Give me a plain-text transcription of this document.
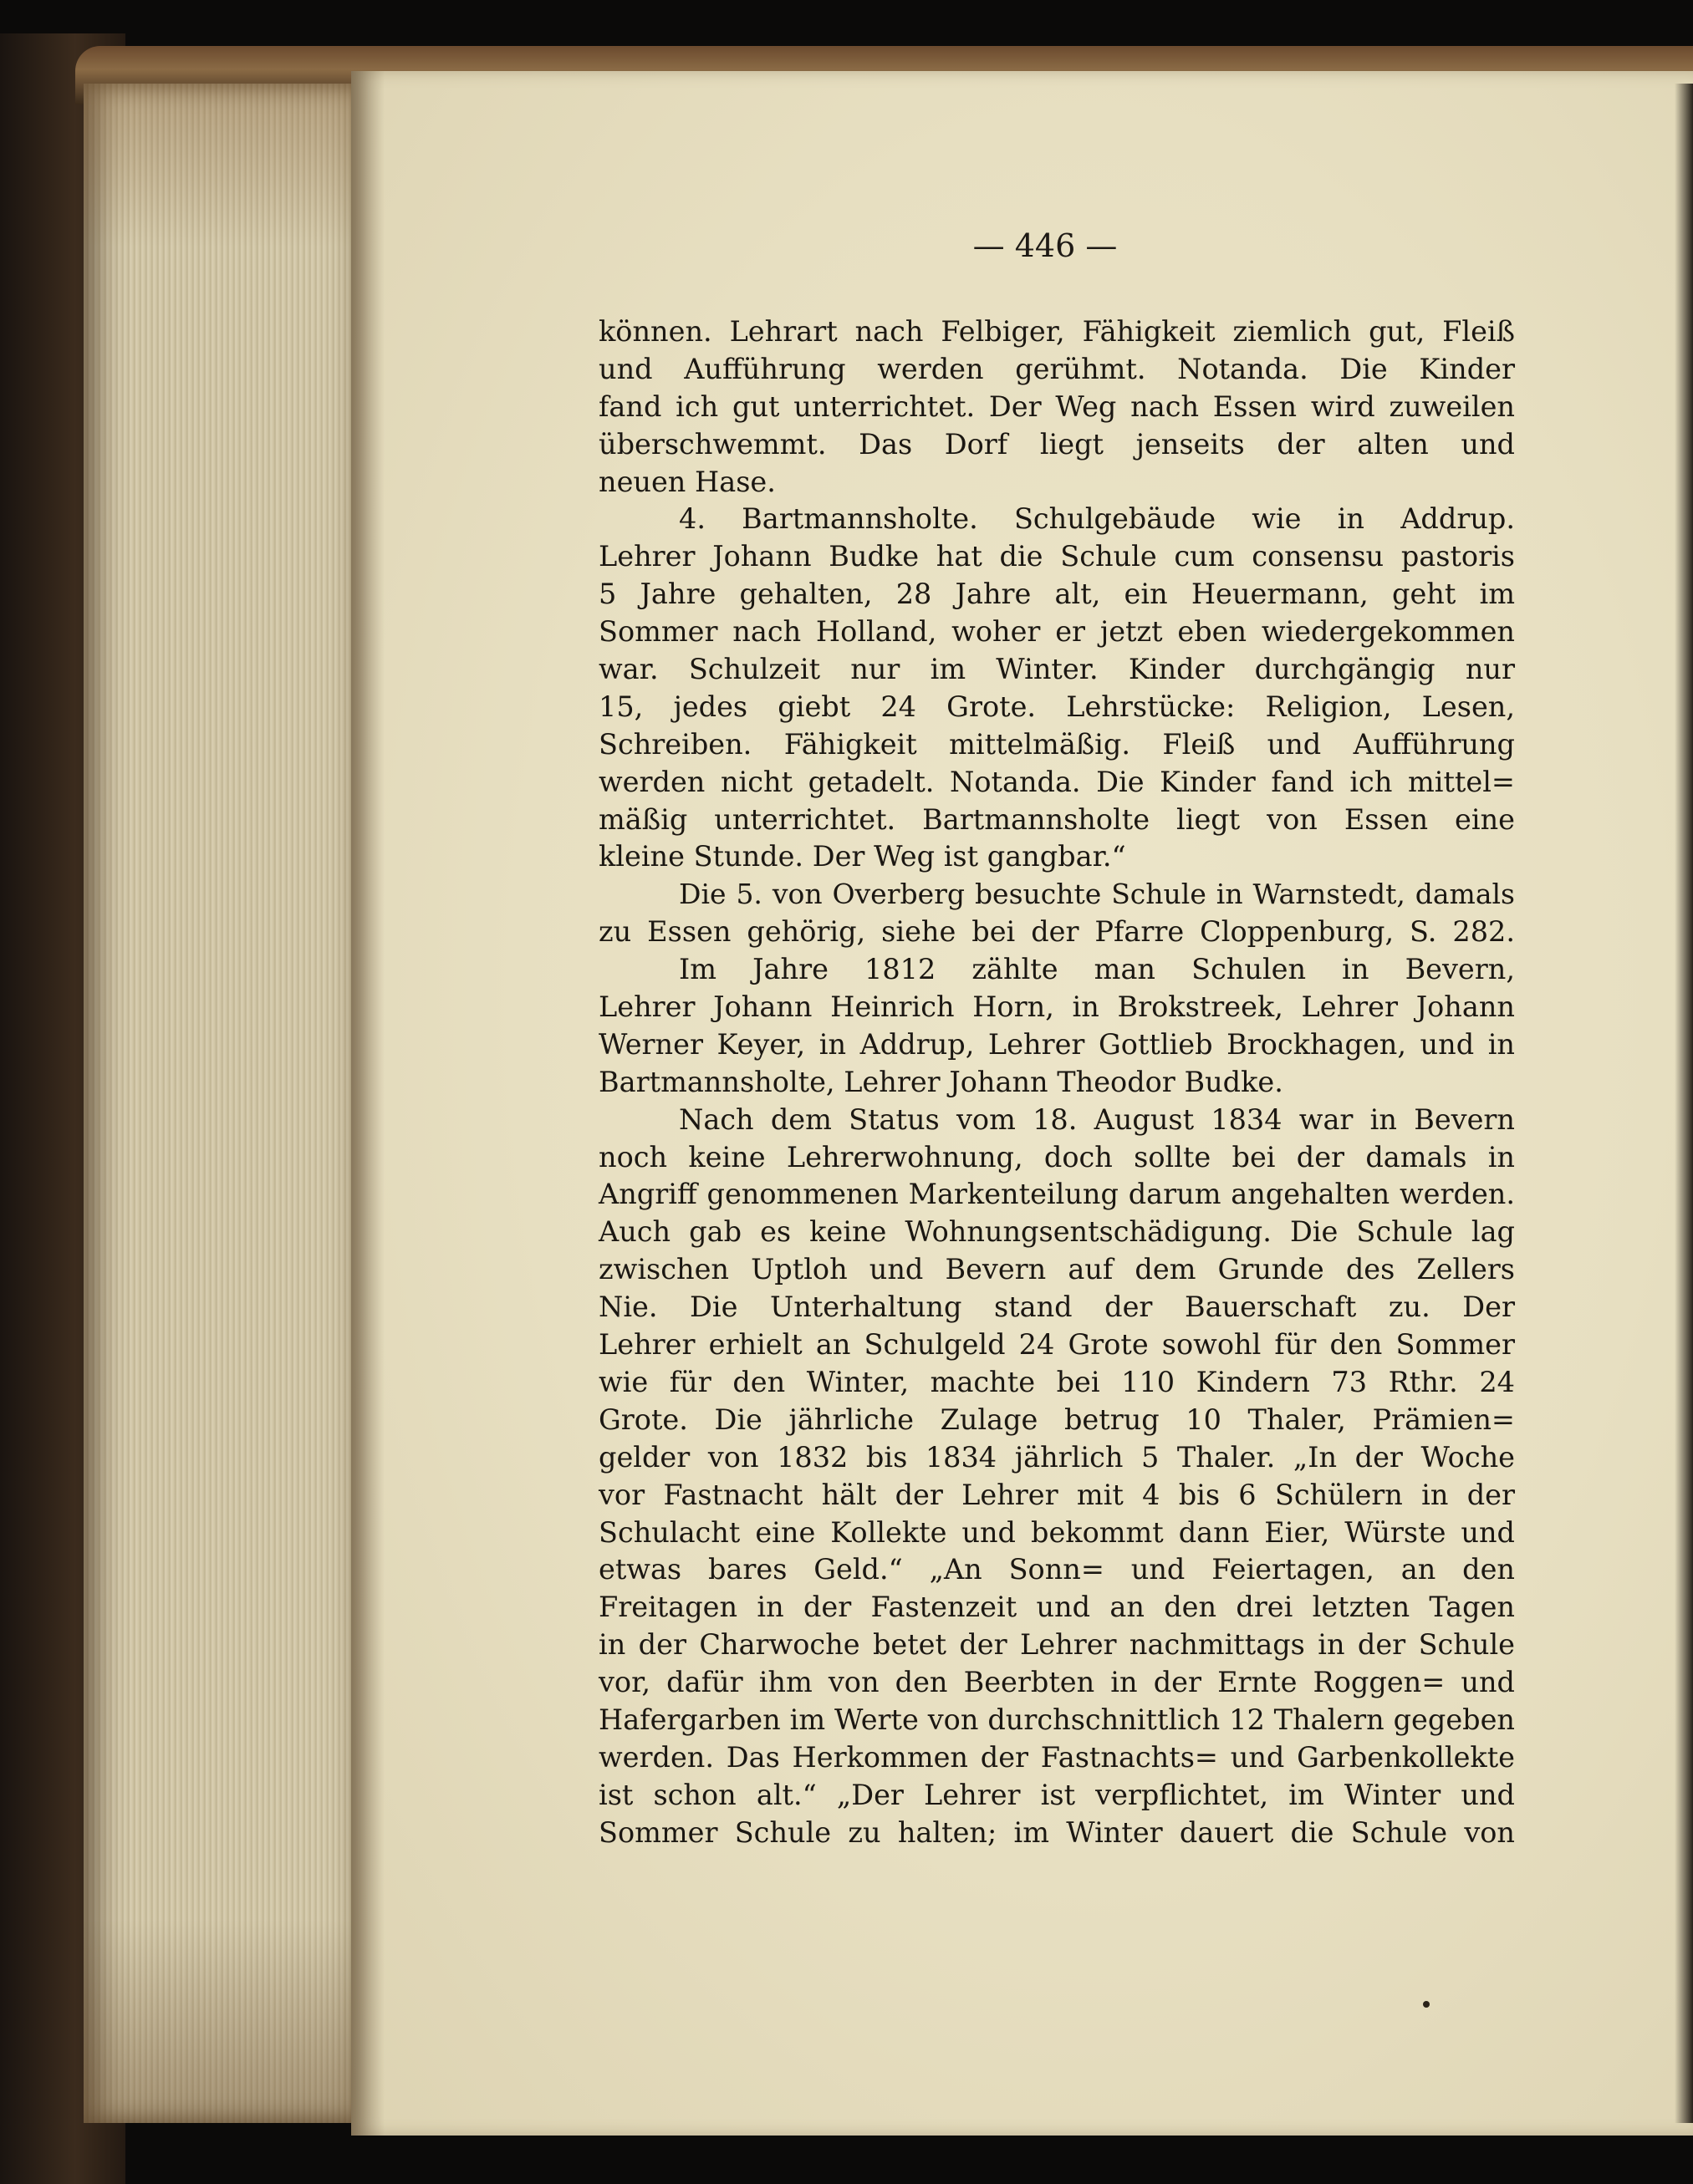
— 446 —
können. Lehrart nach Felbiger, Fähigkeit ziemlich gut, Fleiß
und Aufführung werden gerühmt. Notanda. Die Kinder
fand ich gut unterrichtet. Der Weg nach Essen wird zuweilen
überschwemmt. Das Dorf liegt jenseits der alten und
neuen Hase.
4. Bartmannsholte. Schulgebäude wie in Addrup.
Lehrer Johann Budke hat die Schule cum consensu pastoris
5 Jahre gehalten, 28 Jahre alt, ein Heuermann, geht im
Sommer nach Holland, woher er jetzt eben wiedergekommen
war. Schulzeit nur im Winter. Kinder durchgängig nur
15, jedes giebt 24 Grote. Lehrstücke: Religion, Lesen,
Schreiben. Fähigkeit mittelmäßig. Fleiß und Aufführung
werden nicht getadelt. Notanda. Die Kinder fand ich mittel=
mäßig unterrichtet. Bartmannsholte liegt von Essen eine
kleine Stunde. Der Weg ist gangbar.“
Die 5. von Overberg besuchte Schule in Warnstedt, damals
zu Essen gehörig, siehe bei der Pfarre Cloppenburg, S. 282.
Im Jahre 1812 zählte man Schulen in Bevern,
Lehrer Johann Heinrich Horn, in Brokstreek, Lehrer Johann
Werner Keyer, in Addrup, Lehrer Gottlieb Brockhagen, und in
Bartmannsholte, Lehrer Johann Theodor Budke.
Nach dem Status vom 18. August 1834 war in Bevern
noch keine Lehrerwohnung, doch sollte bei der damals in
Angriff genommenen Markenteilung darum angehalten werden.
Auch gab es keine Wohnungsentschädigung. Die Schule lag
zwischen Uptloh und Bevern auf dem Grunde des Zellers
Nie. Die Unterhaltung stand der Bauerschaft zu. Der
Lehrer erhielt an Schulgeld 24 Grote sowohl für den Sommer
wie für den Winter, machte bei 110 Kindern 73 Rthr. 24
Grote. Die jährliche Zulage betrug 10 Thaler, Prämien=
gelder von 1832 bis 1834 jährlich 5 Thaler. „In der Woche
vor Fastnacht hält der Lehrer mit 4 bis 6 Schülern in der
Schulacht eine Kollekte und bekommt dann Eier, Würste und
etwas bares Geld.“ „An Sonn= und Feiertagen, an den
Freitagen in der Fastenzeit und an den drei letzten Tagen
in der Charwoche betet der Lehrer nachmittags in der Schule
vor, dafür ihm von den Beerbten in der Ernte Roggen= und
Hafergarben im Werte von durchschnittlich 12 Thalern gegeben
werden. Das Herkommen der Fastnachts= und Garbenkollekte
ist schon alt.“ „Der Lehrer ist verpflichtet, im Winter und
Sommer Schule zu halten; im Winter dauert die Schule von
